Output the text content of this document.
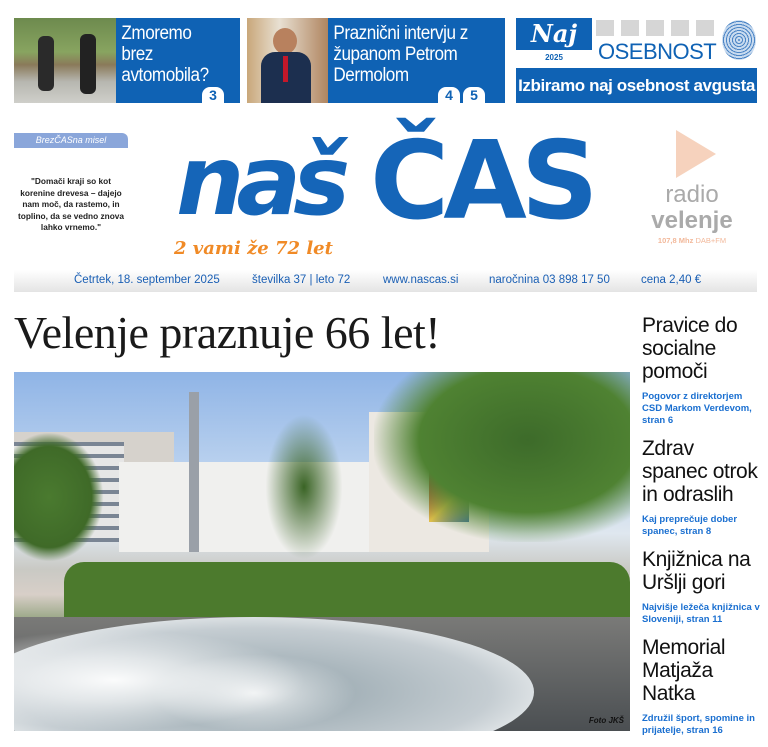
Zmoremo brez avtomobila?
3
Praznični intervju z županom Petrom Dermolom
4	5
Naj
2025	OSEBNOST
Izbiramo naj osebnost avgusta
BrezČASna misel
"Domači kraji so kot korenine drevesa – dajejo nam moč, da rastemo, in toplino, da se vedno znova lahko vrnemo." naš ČAS
2 vami že 72 let
radio
velenje
107,8 Mhz DAB+FM
Četrtek, 18. september 2025	številka 37 | leto 72	www.nascas.si	naročnina 03 898 17 50	cena 2,40 €
Velenje praznuje 66 let!
Foto JKŠ
Pravice do socialne pomoči

Pogovor z direktorjem CSD Markom Verdevom, stran 6

Zdrav spanec otrok in odraslih

Kaj preprečuje dober spanec, stran 8

Knjižnica na Uršlji gori

Najvišje ležeča knjižnica v Sloveniji, stran 11

Memorial Matjaža Natka

Združil šport, spomine in prijatelje, stran 16
